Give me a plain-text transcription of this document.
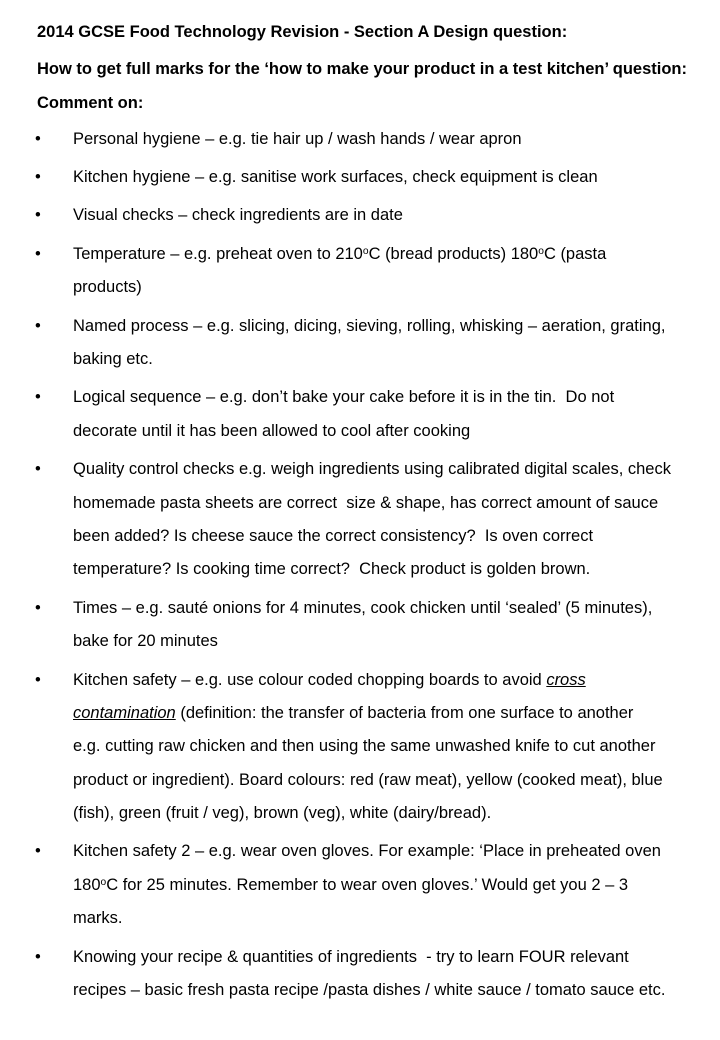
2014 GCSE Food Technology Revision - Section A Design question:
How to get full marks for the ‘how to make your product in a test kitchen’ question:
Comment on:
• Personal hygiene – e.g. tie hair up / wash hands / wear apron
• Kitchen hygiene – e.g. sanitise work surfaces, check equipment is clean
• Visual checks – check ingredients are in date
• Temperature – e.g. preheat oven to 210$^o$C (bread products) 180$^o$C (pasta
products)
• Named process – e.g. slicing, dicing, sieving, rolling, whisking – aeration, grating,
baking etc.
• Logical sequence – e.g. don’t bake your cake before it is in the tin.  Do not
decorate until it has been allowed to cool after cooking
• Quality control checks e.g. weigh ingredients using calibrated digital scales, check
homemade pasta sheets are correct  size & shape, has correct amount of sauce
been added? Is cheese sauce the correct consistency?  Is oven correct
temperature? Is cooking time correct?  Check product is golden brown.
• Times – e.g. sauté onions for 4 minutes, cook chicken until ‘sealed’ (5 minutes),
bake for 20 minutes
• Kitchen safety – e.g. use colour coded chopping boards to avoid cross
contamination (definition: the transfer of bacteria from one surface to another
e.g. cutting raw chicken and then using the same unwashed knife to cut another
product or ingredient). Board colours: red (raw meat), yellow (cooked meat), blue
(fish), green (fruit / veg), brown (veg), white (dairy/bread).
• Kitchen safety 2 – e.g. wear oven gloves. For example: ‘Place in preheated oven
180$^o$C for 25 minutes. Remember to wear oven gloves.’ Would get you 2 – 3
marks.
• Knowing your recipe & quantities of ingredients  - try to learn FOUR relevant
recipes – basic fresh pasta recipe /pasta dishes / white sauce / tomato sauce etc.
